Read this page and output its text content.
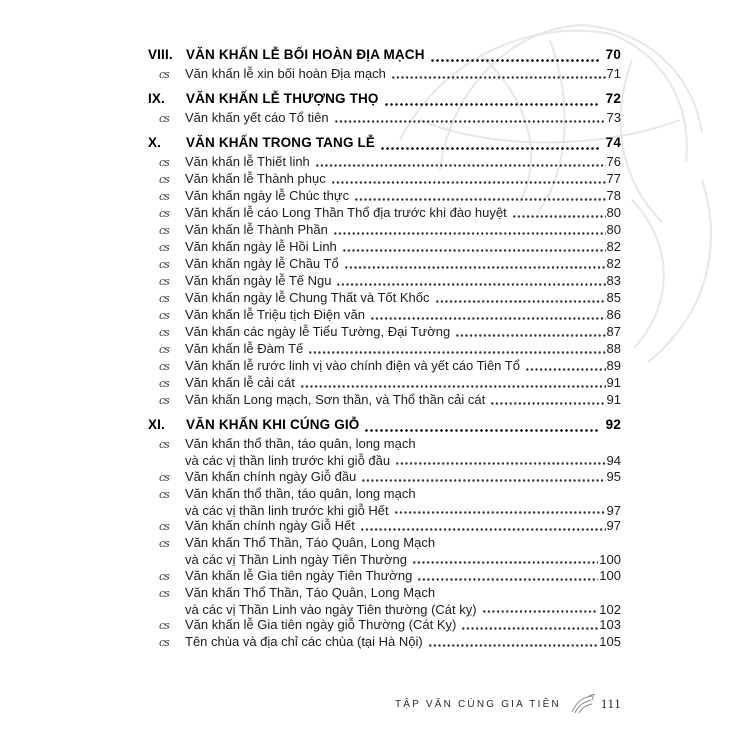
VIII. VĂN KHẤN LỄ BỐI HOÀN ĐỊA MẠCH	70
cs	Văn khấn lễ xin bối hoàn Địa mạch	71
IX.	VĂN KHẤN LỄ THƯỢNG THỌ	72
cs	Văn khấn yết cáo Tổ tiên	73
X.	VĂN KHẤN TRONG TANG LỄ	74
cs	Văn khấn lễ Thiết linh	76
cs	Văn khấn lễ Thành phục	77
cs	Văn khấn ngày lễ Chúc thực	78
cs	Văn khấn lễ cáo Long Thần Thổ địa trước khi đào huyệt	80
cs	Văn khấn lễ Thành Phần	80
cs	Văn khấn ngày lễ Hồi Linh	82
cs	Văn khấn ngày lễ Chầu Tổ	82
cs	Văn khấn ngày lễ Tế Ngu	83
cs	Văn khấn ngày lễ Chung Thất và Tốt Khốc	85
cs	Văn khấn lễ Triệu tịch Điện văn	86
cs	Văn khấn các ngày lễ Tiểu Tường, Đại Tường	87
cs	Văn khấn lễ Đàm Tế	88
cs	Văn khấn lễ rước linh vị vào chính điện và yết cáo Tiên Tổ	89
cs	Văn khấn lễ cải cát	91
cs	Văn khấn Long mạch, Sơn thần, và Thổ thần cải cát	91
XI.	VĂN KHẤN KHI CÚNG GIỖ	92
cs	Văn khấn thổ thần, táo quân, long mạch
và các vị thần linh trước khi giỗ đầu	94
cs	Văn khấn chính ngày Giỗ đầu	95
cs	Văn khấn thổ thần, táo quân, long mạch
và các vị thần linh trước khi giỗ Hết	97
cs	Văn khấn chính ngày Giỗ Hết	97
cs	Văn khấn Thổ Thần, Táo Quân, Long Mạch
và các vị Thần Linh ngày Tiên Thường	100
cs	Văn khấn lễ Gia tiên ngày Tiên Thường	100
cs	Văn khấn Thổ Thần, Táo Quân, Long Mạch
và các vị Thần Linh vào ngày Tiên thường (Cát kỵ)	102
cs	Văn khấn lễ Gia tiên ngày giỗ Thường (Cát Kỵ)	103
cs	Tên chùa và địa chỉ các chùa (tại Hà Nội)	105
TẬP VĂN CÚNG GIA TIÊN	111
